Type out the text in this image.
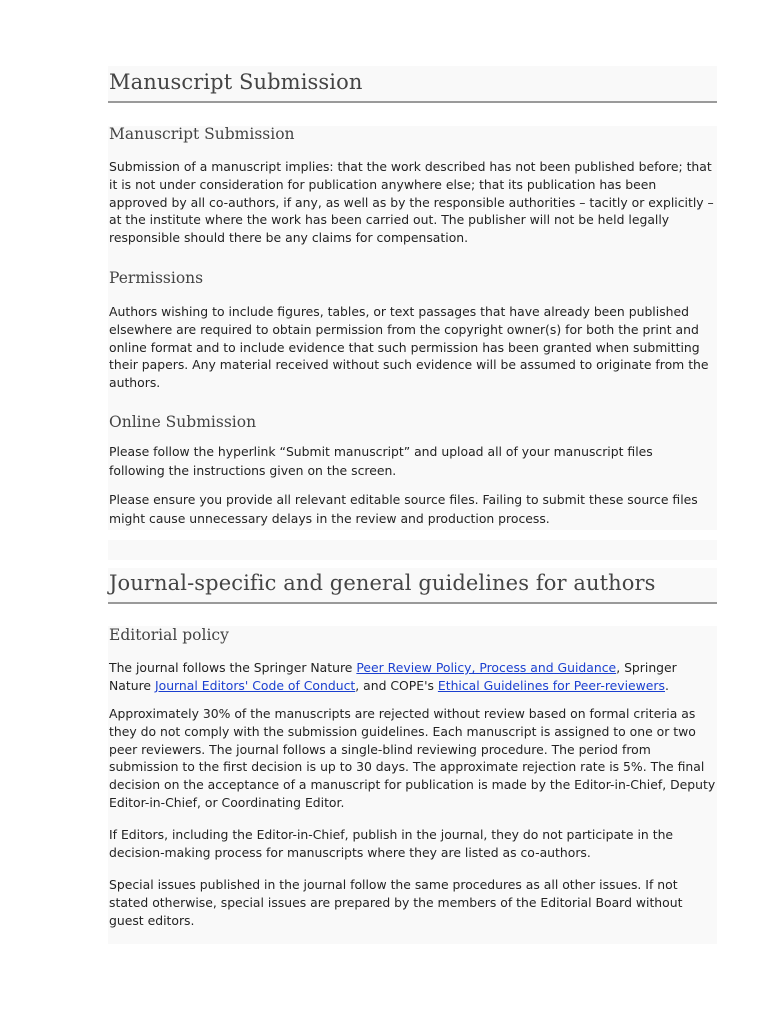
Manuscript Submission
Manuscript Submission

Submission of a manuscript implies: that the work described has not been published before; that it is not under consideration for publication anywhere else; that its publication has been approved by all co-authors, if any, as well as by the responsible authorities – tacitly or explicitly – at the institute where the work has been carried out. The publisher will not be held legally responsible should there be any claims for compensation.

Permissions

Authors wishing to include figures, tables, or text passages that have already been published elsewhere are required to obtain permission from the copyright owner(s) for both the print and online format and to include evidence that such permission has been granted when submitting their papers. Any material received without such evidence will be assumed to originate from the authors.

Online Submission

Please follow the hyperlink “Submit manuscript” and upload all of your manuscript files following the instructions given on the screen.

Please ensure you provide all relevant editable source files. Failing to submit these source files might cause unnecessary delays in the review and production process.

Journal-specific and general guidelines for authors
Editorial policy

The journal follows the Springer Nature Peer Review Policy, Process and Guidance, Springer Nature Journal Editors' Code of Conduct, and COPE's Ethical Guidelines for Peer-reviewers.

Approximately 30% of the manuscripts are rejected without review based on formal criteria as they do not comply with the submission guidelines. Each manuscript is assigned to one or two peer reviewers. The journal follows a single-blind reviewing procedure. The period from submission to the first decision is up to 30 days. The approximate rejection rate is 5%. The final decision on the acceptance of a manuscript for publication is made by the Editor-in-Chief, Deputy Editor-in-Chief, or Coordinating Editor.

If Editors, including the Editor-in-Chief, publish in the journal, they do not participate in the decision-making process for manuscripts where they are listed as co-authors.

Special issues published in the journal follow the same procedures as all other issues. If not stated otherwise, special issues are prepared by the members of the Editorial Board without guest editors.
